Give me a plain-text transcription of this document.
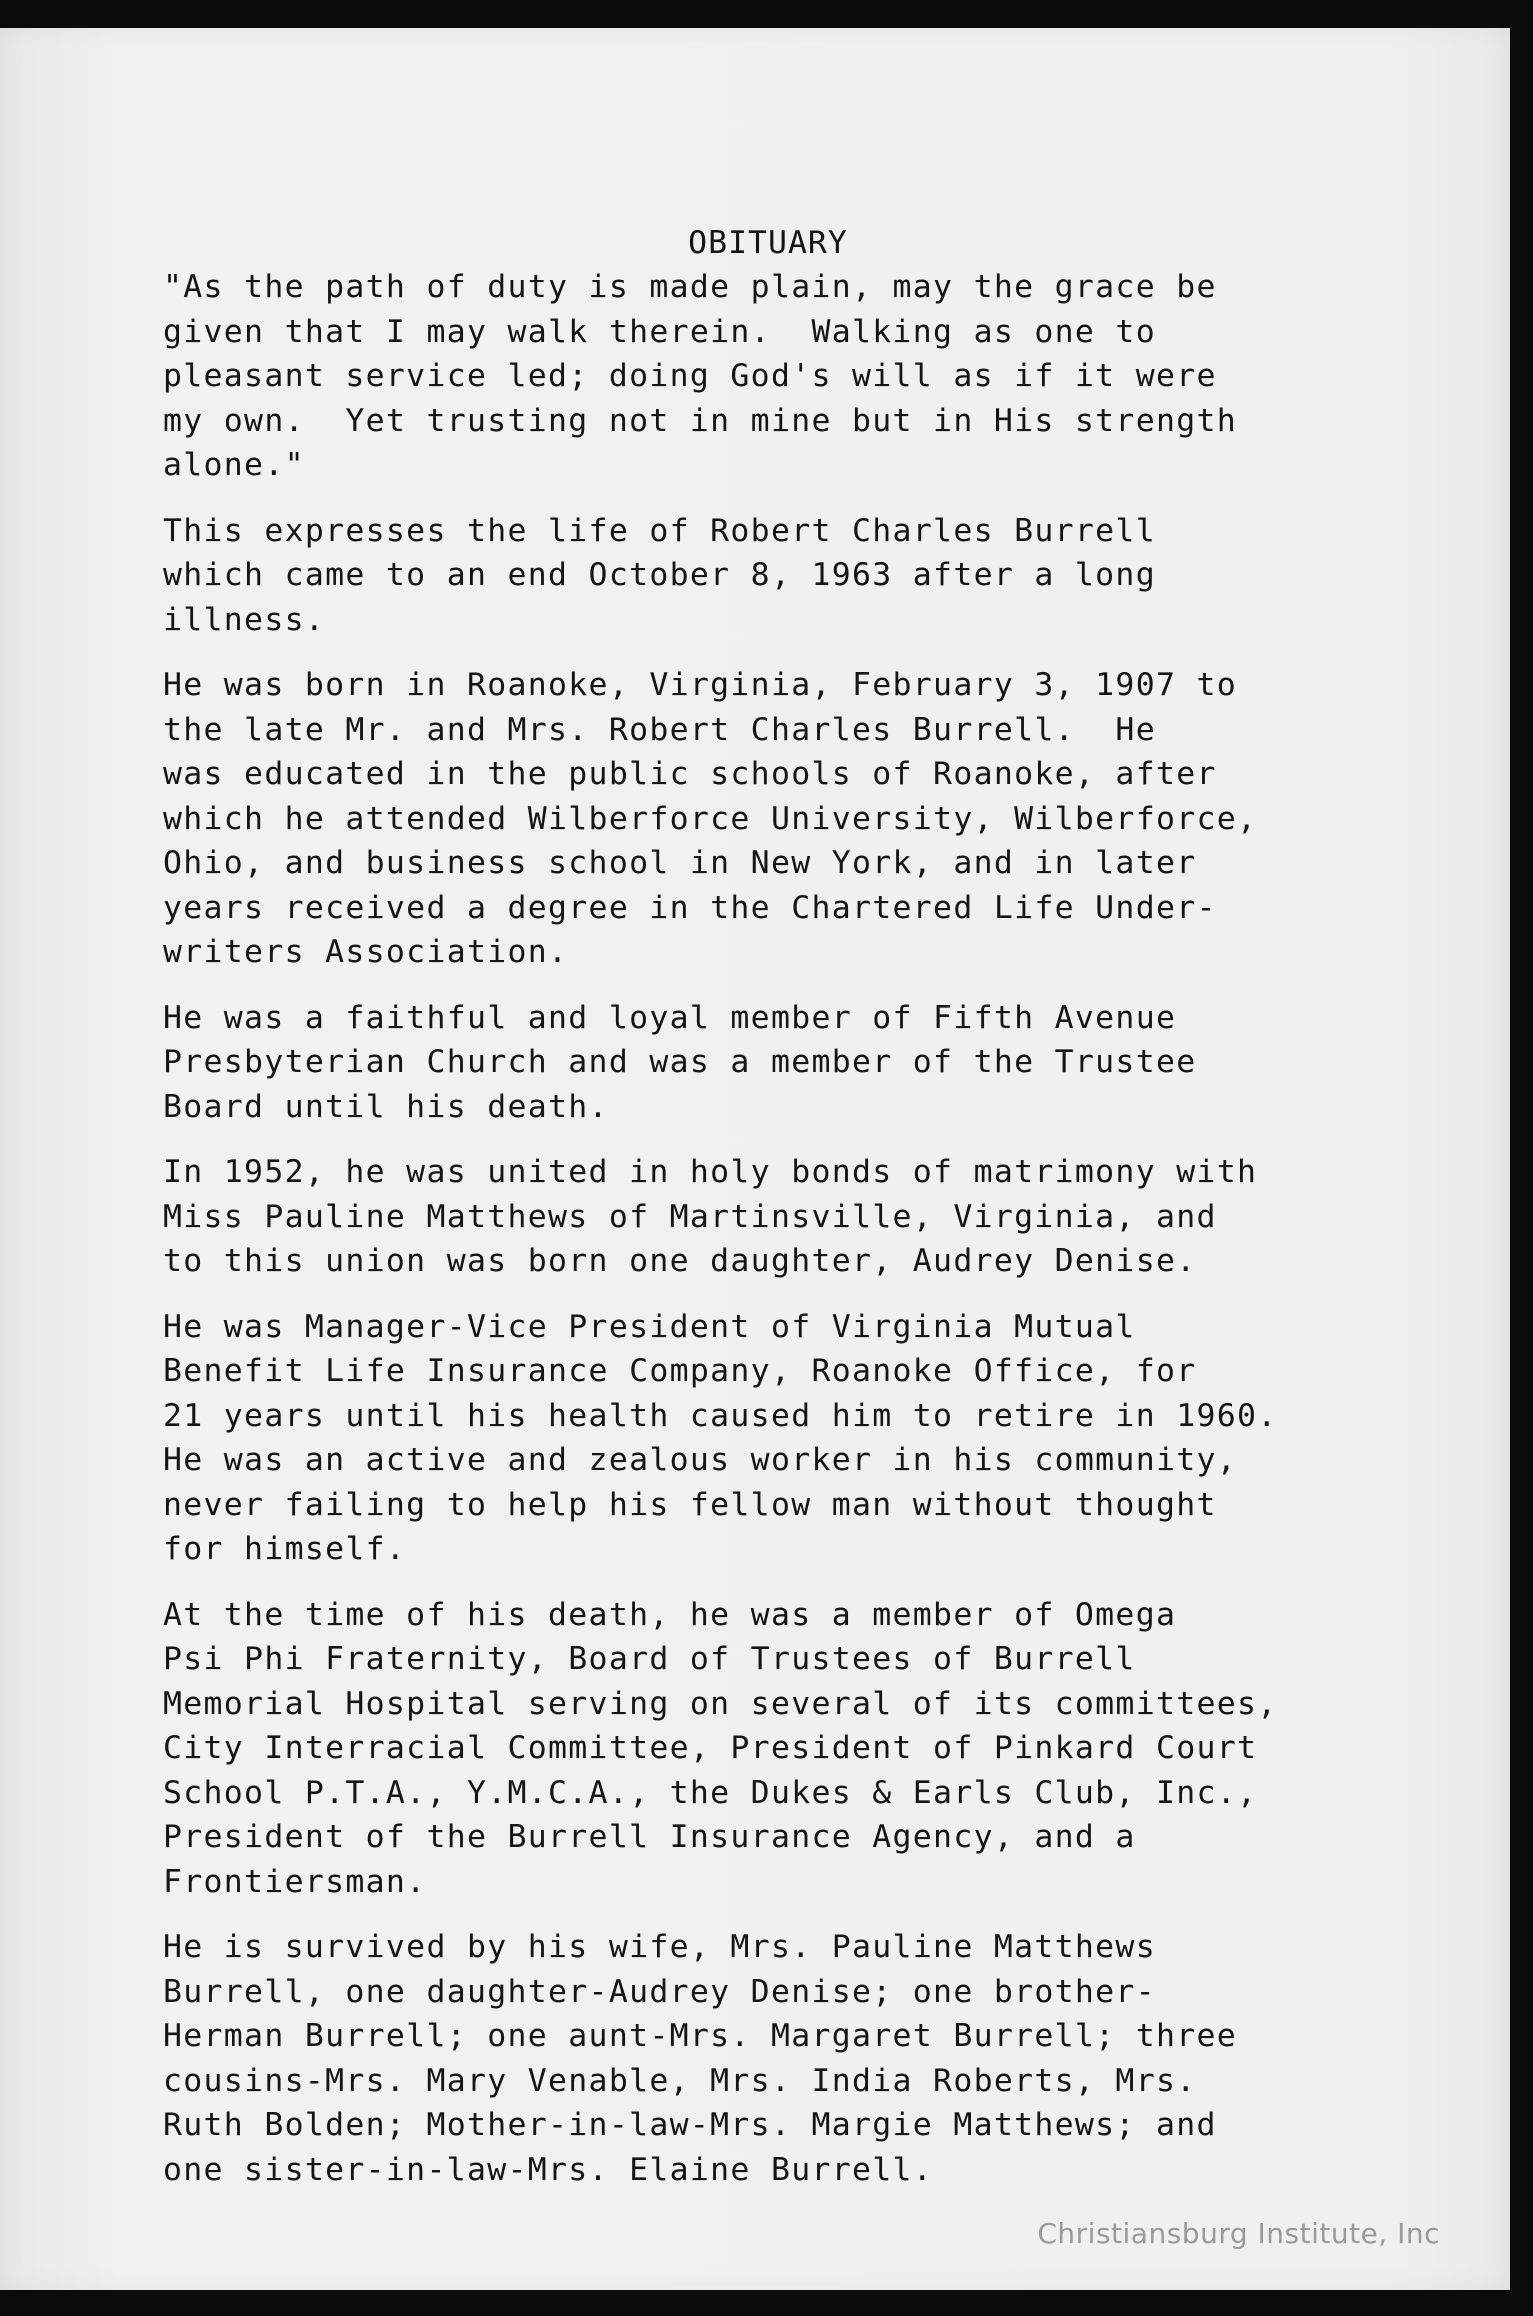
OBITUARY

"As the path of duty is made plain, may the grace be
given that I may walk therein.  Walking as one to
pleasant service led; doing God's will as if it were
my own.  Yet trusting not in mine but in His strength
alone."

This expresses the life of Robert Charles Burrell
which came to an end October 8, 1963 after a long
illness.

He was born in Roanoke, Virginia, February 3, 1907 to
the late Mr. and Mrs. Robert Charles Burrell.  He
was educated in the public schools of Roanoke, after
which he attended Wilberforce University, Wilberforce,
Ohio, and business school in New York, and in later
years received a degree in the Chartered Life Under-
writers Association.

He was a faithful and loyal member of Fifth Avenue
Presbyterian Church and was a member of the Trustee
Board until his death.

In 1952, he was united in holy bonds of matrimony with
Miss Pauline Matthews of Martinsville, Virginia, and
to this union was born one daughter, Audrey Denise.

He was Manager-Vice President of Virginia Mutual
Benefit Life Insurance Company, Roanoke Office, for
21 years until his health caused him to retire in 1960.
He was an active and zealous worker in his community,
never failing to help his fellow man without thought
for himself.

At the time of his death, he was a member of Omega
Psi Phi Fraternity, Board of Trustees of Burrell
Memorial Hospital serving on several of its committees,
City Interracial Committee, President of Pinkard Court
School P.T.A., Y.M.C.A., the Dukes & Earls Club, Inc.,
President of the Burrell Insurance Agency, and a
Frontiersman.

He is survived by his wife, Mrs. Pauline Matthews
Burrell, one daughter-Audrey Denise; one brother-
Herman Burrell; one aunt-Mrs. Margaret Burrell; three
cousins-Mrs. Mary Venable, Mrs. India Roberts, Mrs.
Ruth Bolden; Mother-in-law-Mrs. Margie Matthews; and
one sister-in-law-Mrs. Elaine Burrell.

Christiansburg Institute, Inc
